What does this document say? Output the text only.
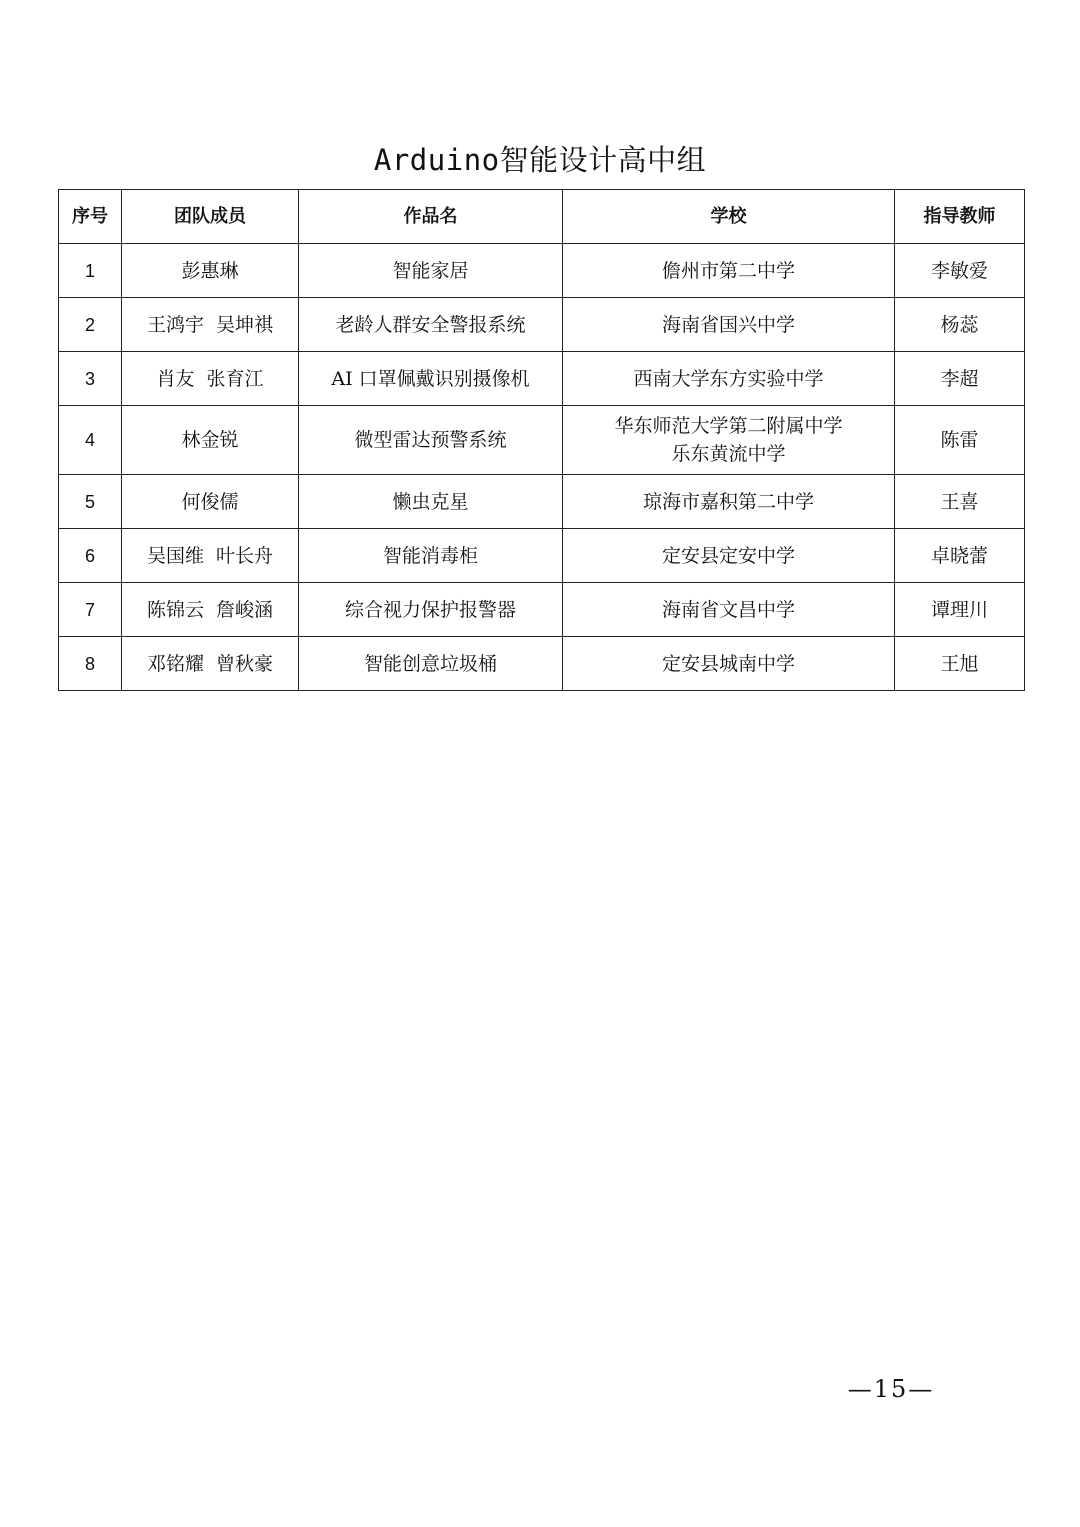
Arduino智能设计高中组
序号	团队成员	作品名	学校	指导教师
1	彭惠琳	智能家居	儋州市第二中学	李敏爱
2	王鸿宇  吴坤祺	老龄人群安全警报系统	海南省国兴中学	杨蕊
3	肖友  张育江	AI 口罩佩戴识别摄像机	西南大学东方实验中学	李超
4	林金锐	微型雷达预警系统	华东师范大学第二附属中学
乐东黄流中学	陈雷
5	何俊儒	懒虫克星	琼海市嘉积第二中学	王喜
6	吴国维  叶长舟	智能消毒柜	定安县定安中学	卓晓蕾
7	陈锦云  詹峻涵	综合视力保护报警器	海南省文昌中学	谭理川
8	邓铭耀  曾秋豪	智能创意垃圾桶	定安县城南中学	王旭
—15—
